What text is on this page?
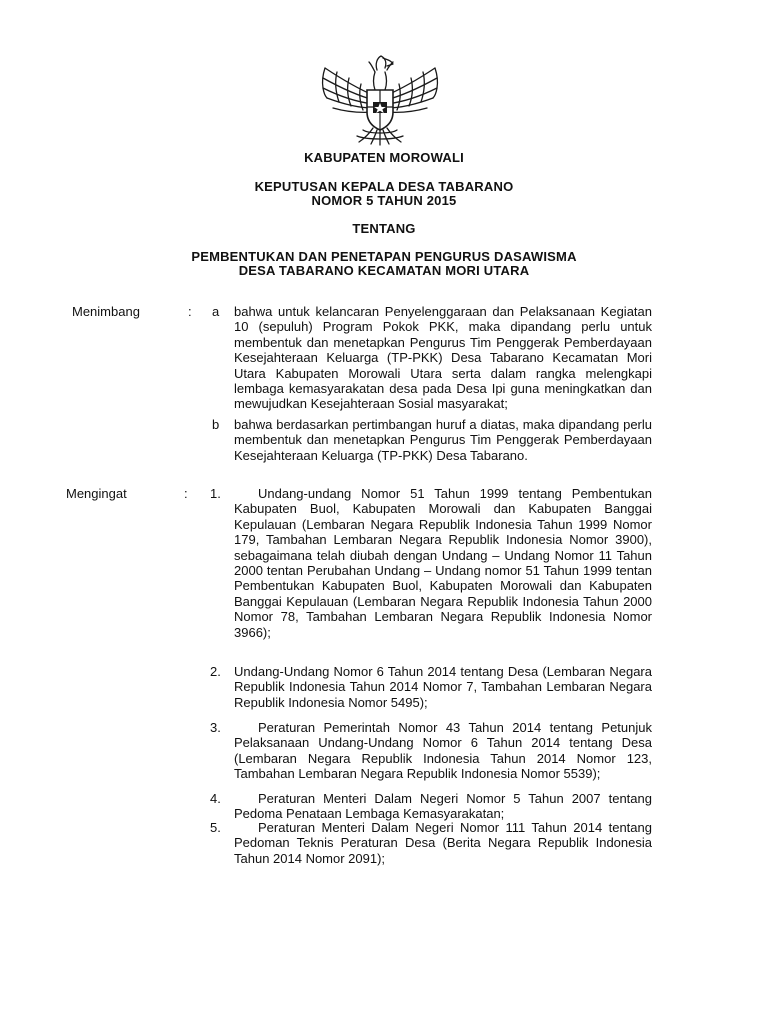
KABUPATEN MOROWALI
KEPUTUSAN KEPALA DESA TABARANO
NOMOR 5 TAHUN 2015
TENTANG
PEMBENTUKAN DAN PENETAPAN PENGURUS DASAWISMA
DESA TABARANO KECAMATAN MORI UTARA
Menimbang	: a bahwa untuk kelancaran Penyelenggaraan dan Pelaksanaan Kegiatan 10 (sepuluh) Program Pokok PKK, maka dipandang perlu untuk membentuk dan menetapkan Pengurus Tim Penggerak Pemberdayaan Kesejahteraan Keluarga (TP-PKK) Desa Tabarano Kecamatan Mori Utara Kabupaten Morowali Utara serta dalam rangka melengkapi lembaga kemasyarakatan desa pada Desa Ipi guna meningkatkan dan mewujudkan Kesejahteraan Sosial masyarakat;
b bahwa berdasarkan pertimbangan huruf a diatas, maka dipandang perlu membentuk dan menetapkan Pengurus Tim Penggerak Pemberdayaan Kesejahteraan Keluarga (TP-PKK) Desa Tabarano.
Mengingat	: 1.	Undang-undang Nomor 51 Tahun 1999 tentang Pembentukan Kabupaten Buol, Kabupaten Morowali dan Kabupaten Banggai Kepulauan (Lembaran Negara Republik Indonesia Tahun 1999 Nomor 179, Tambahan Lembaran Negara Republik Indonesia Nomor 3900), sebagaimana telah diubah dengan Undang – Undang Nomor 11 Tahun 2000 tentan Perubahan Undang – Undang nomor 51 Tahun 1999 tentan Pembentukan Kabupaten Buol, Kabupaten Morowali dan Kabupaten Banggai Kepulauan (Lembaran Negara Republik Indonesia Tahun 2000 Nomor 78, Tambahan Lembaran Negara Republik Indonesia Nomor 3966);
2. Undang-Undang Nomor 6 Tahun 2014 tentang Desa (Lembaran Negara Republik Indonesia Tahun 2014 Nomor 7, Tambahan Lembaran Negara Republik Indonesia Nomor 5495);
3.	Peraturan Pemerintah Nomor 43 Tahun 2014 tentang Petunjuk Pelaksanaan Undang-Undang Nomor 6 Tahun 2014 tentang Desa (Lembaran Negara Republik Indonesia Tahun 2014 Nomor 123, Tambahan Lembaran Negara Republik Indonesia Nomor 5539);
4.	Peraturan Menteri Dalam Negeri Nomor 5 Tahun 2007 tentang Pedoma Penataan Lembaga Kemasyarakatan;
5.	Peraturan Menteri Dalam Negeri Nomor 111 Tahun 2014 tentang Pedoman Teknis Peraturan Desa (Berita Negara Republik Indonesia Tahun 2014 Nomor 2091);
